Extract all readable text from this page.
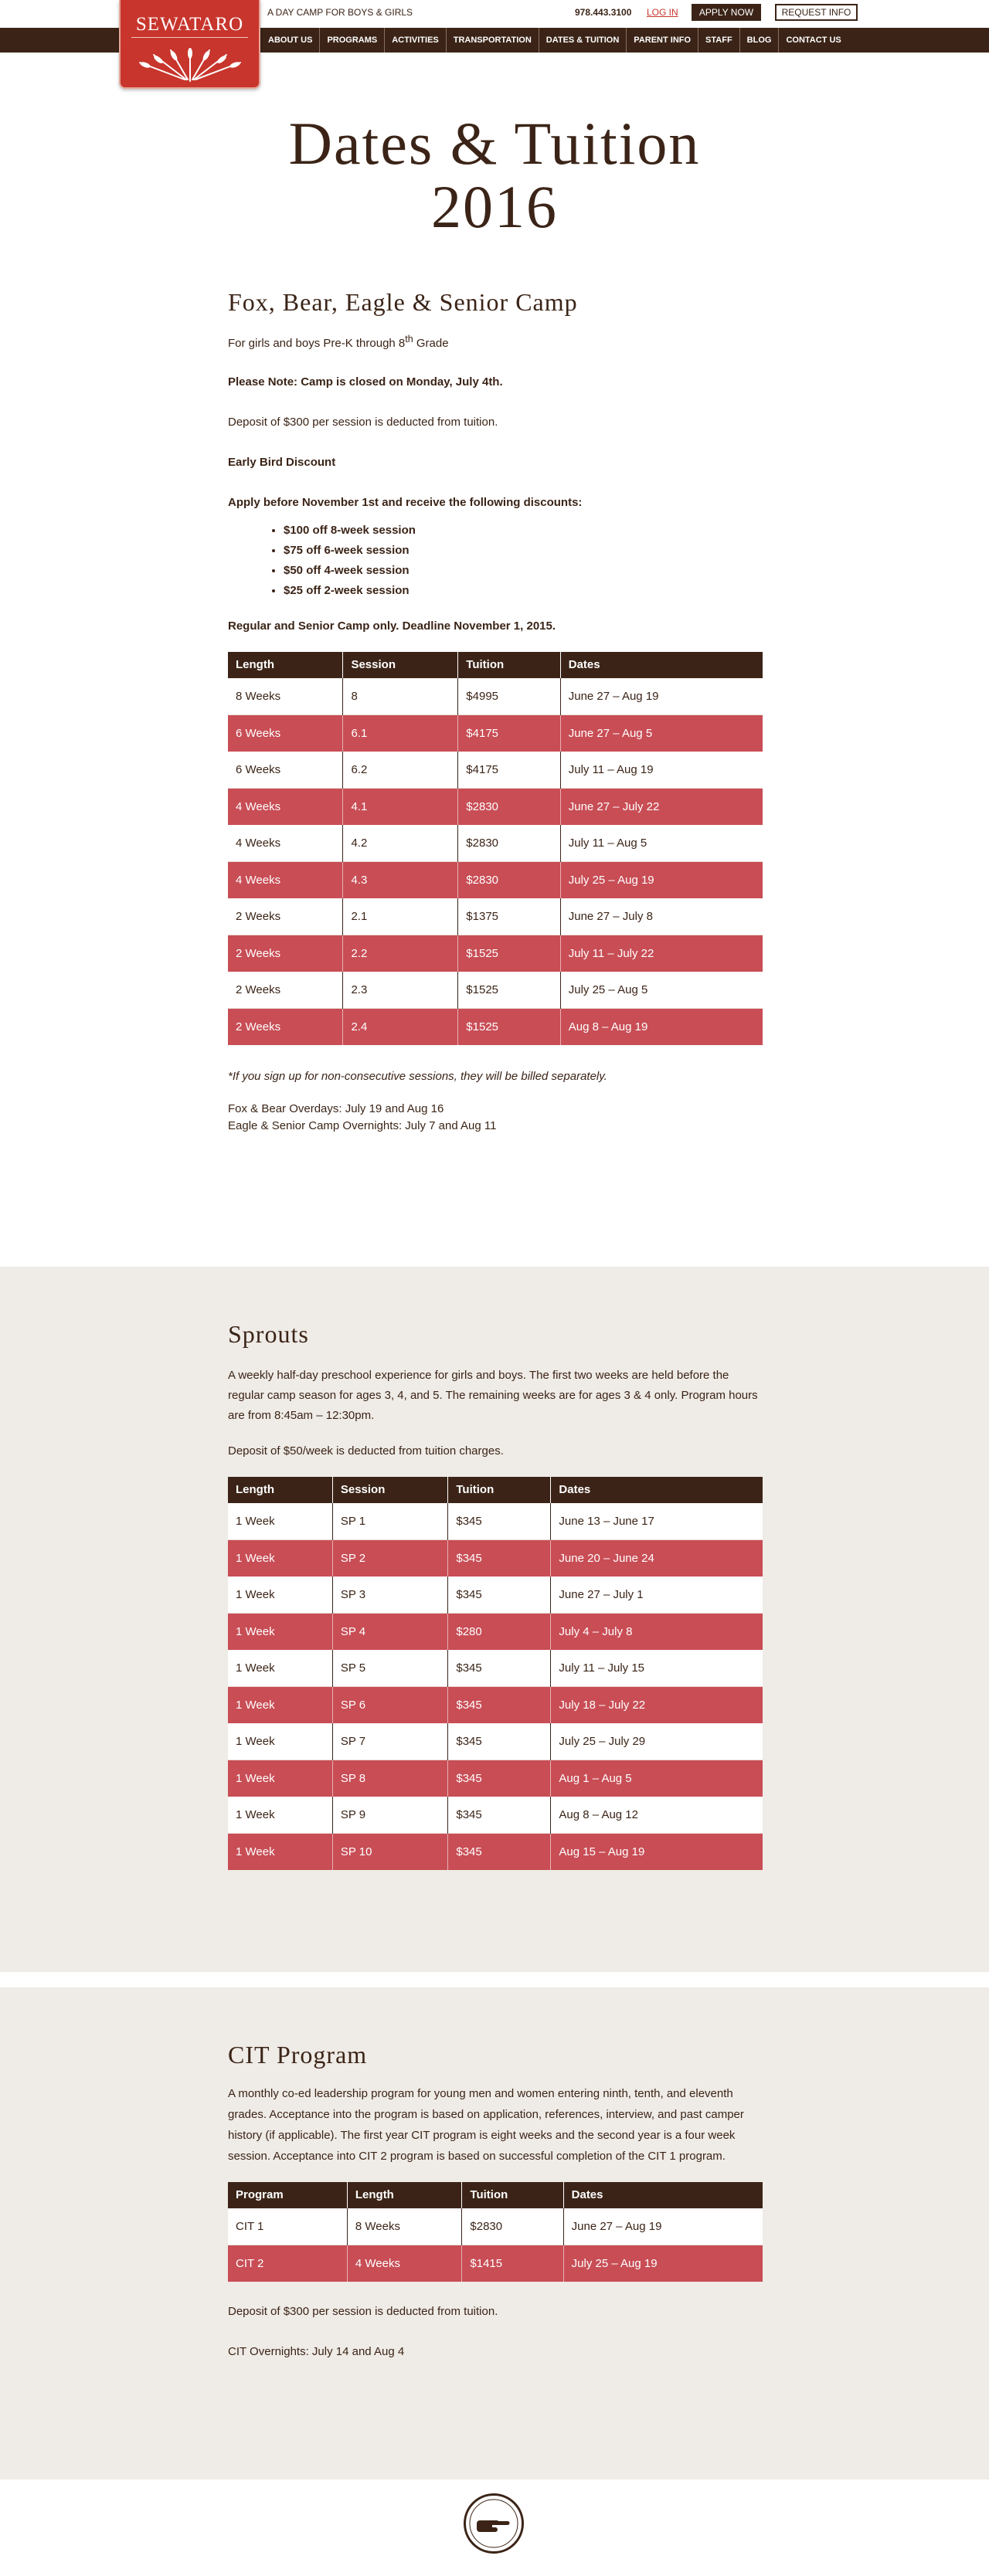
SEWATARO
A DAY CAMP FOR BOYS & GIRLS	978.443.3100 LOG IN	APPLY NOW	REQUEST INFO
ABOUT US	PROGRAMS	ACTIVITIES	TRANSPORTATION	DATES & TUITION	PARENT INFO	STAFF	BLOG	CONTACT US
Dates & Tuition
2016
Fox, Bear, Eagle & Senior Camp

For girls and boys Pre-K through 8th Grade

Please Note: Camp is closed on Monday, July 4th.

Deposit of $300 per session is deducted from tuition.

Early Bird Discount

Apply before November 1st and receive the following discounts:

• $100 off 8-week session
• $75 off 6-week session
• $50 off 4-week session
• $25 off 2-week session

Regular and Senior Camp only. Deadline November 1, 2015.

Length	Session	Tuition	Dates
8 Weeks	8	$4995	June 27 – Aug 19
6 Weeks	6.1	$4175	June 27 – Aug 5
6 Weeks	6.2	$4175	July 11 – Aug 19
4 Weeks	4.1	$2830	June 27 – July 22
4 Weeks	4.2	$2830	July 11 – Aug 5
4 Weeks	4.3	$2830	July 25 – Aug 19
2 Weeks	2.1	$1375	June 27 – July 8
2 Weeks	2.2	$1525	July 11 – July 22
2 Weeks	2.3	$1525	July 25 – Aug 5
2 Weeks	2.4	$1525	Aug 8 – Aug 19

*If you sign up for non-consecutive sessions, they will be billed separately.

Fox & Bear Overdays: July 19 and Aug 16

Eagle & Senior Camp Overnights: July 7 and Aug 11

Sprouts

A weekly half-day preschool experience for girls and boys. The first two weeks are held before the regular camp season for ages 3, 4, and 5. The remaining weeks are for ages 3 & 4 only. Program hours are from 8:45am – 12:30pm.

Deposit of $50/week is deducted from tuition charges.

Length	Session	Tuition	Dates
1 Week	SP 1	$345	June 13 – June 17
1 Week	SP 2	$345	June 20 – June 24
1 Week	SP 3	$345	June 27 – July 1
1 Week	SP 4	$280	July 4 – July 8
1 Week	SP 5	$345	July 11 – July 15
1 Week	SP 6	$345	July 18 – July 22
1 Week	SP 7	$345	July 25 – July 29
1 Week	SP 8	$345	Aug 1 – Aug 5
1 Week	SP 9	$345	Aug 8 – Aug 12
1 Week	SP 10	$345	Aug 15 – Aug 19
CIT Program

A monthly co-ed leadership program for young men and women entering ninth, tenth, and eleventh grades. Acceptance into the program is based on application, references, interview, and past camper history (if applicable). The first year CIT program is eight weeks and the second year is a four week session. Acceptance into CIT 2 program is based on successful completion of the CIT 1 program.

Program	Length	Tuition	Dates
CIT 1	8 Weeks	$2830	June 27 – Aug 19
CIT 2	4 Weeks	$1415	July 25 – Aug 19

Deposit of $300 per session is deducted from tuition.

CIT Overnights: July 14 and Aug 4
